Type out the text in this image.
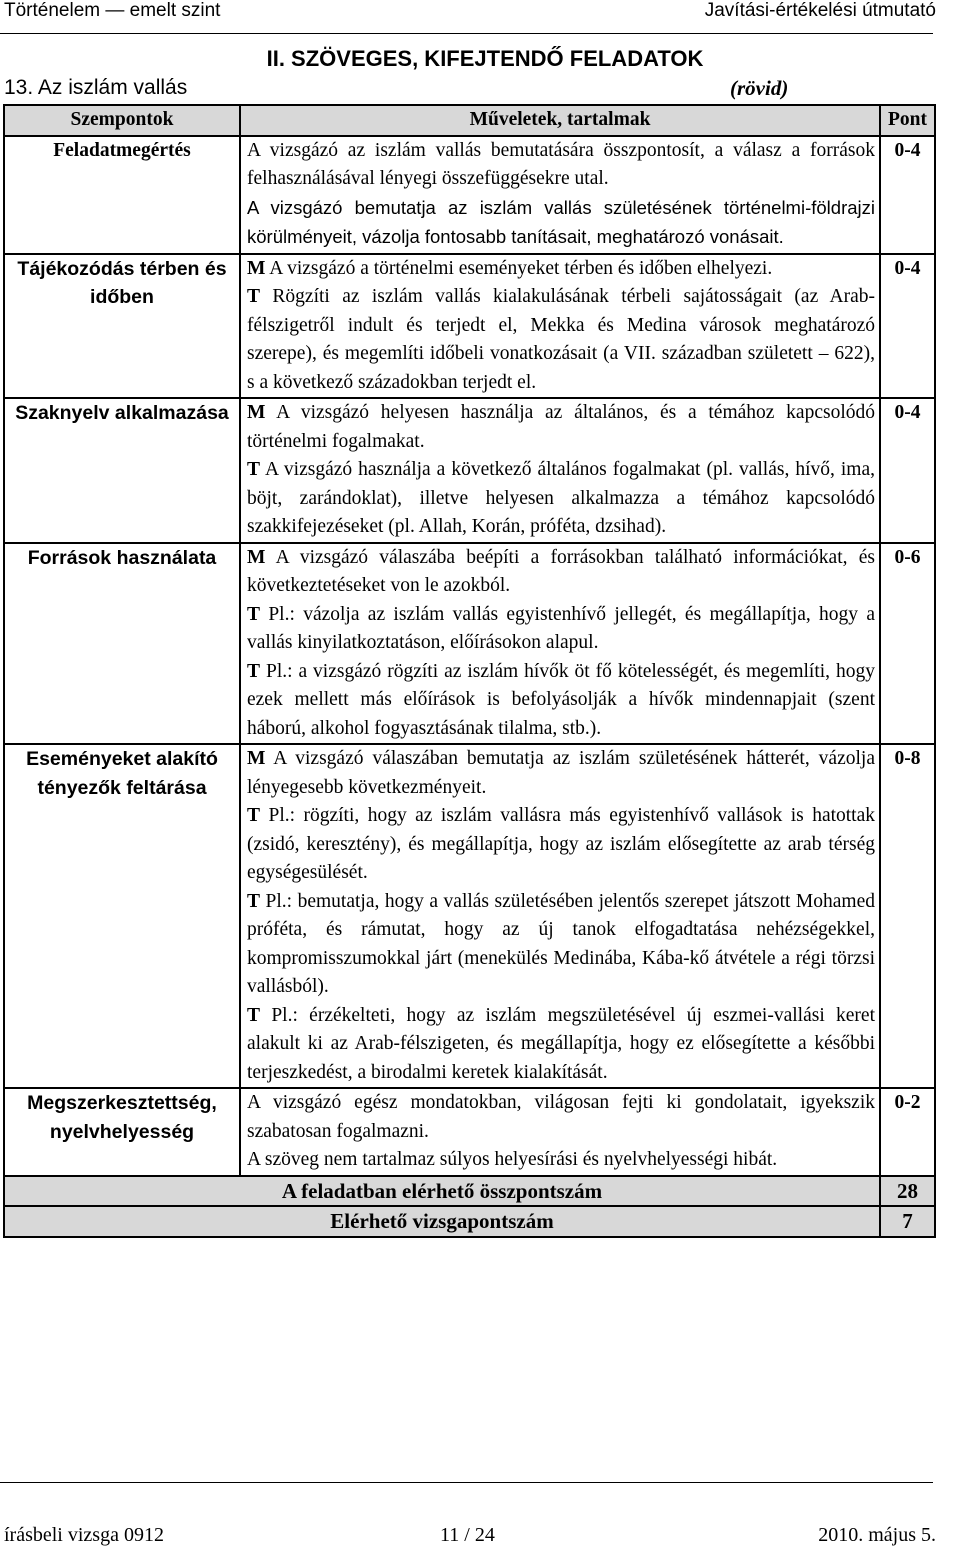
Történelem — emelt szint	Javítási-értékelési útmutató
II. SZÖVEGES, KIFEJTENDŐ FELADATOK
13. Az iszlám vallás	(rövid)
Szempontok	Műveletek, tartalmak	Pont
Feladatmegértés	A vizsgázó az iszlám vallás bemutatására összpontosít, a válasz a források felhasználásával lényegi összefüggésekre utal.

A vizsgázó bemutatja az iszlám vallás születésének történelmi-földrajzi körülményeit, vázolja fontosabb tanításait, meghatározó vonásait.	0-4
Tájékozódás térben és időben	M A vizsgázó a történelmi eseményeket térben és időben elhelyezi.

T Rögzíti az iszlám vallás kialakulásának térbeli sajátosságait (az Arab-félszigetről indult és terjedt el, Mekka és Medina városok meghatározó szerepe), és megemlíti időbeli vonatkozásait (a VII. században született – 622), s a következő századokban terjedt el.	0-4
Szaknyelv alkalmazása	M A vizsgázó helyesen használja az általános, és a témához kapcsolódó történelmi fogalmakat.

T A vizsgázó használja a következő általános fogalmakat (pl. vallás, hívő, ima, böjt, zarándoklat), illetve helyesen alkalmazza a témához kapcsolódó szakkifejezéseket (pl. Allah, Korán, próféta, dzsihad).	0-4
Források használata	M A vizsgázó válaszába beépíti a forrásokban található információkat, és következtetéseket von le azokból.

T Pl.: vázolja az iszlám vallás egyistenhívő jellegét, és megállapítja, hogy a vallás kinyilatkoztatáson, előírásokon alapul.

T Pl.: a vizsgázó rögzíti az iszlám hívők öt fő kötelességét, és megemlíti, hogy ezek mellett más előírások is befolyásolják a hívők mindennapjait (szent háború, alkohol fogyasztásának tilalma, stb.).	0-6
Eseményeket alakító tényezők feltárása	M A vizsgázó válaszában bemutatja az iszlám születésének hátterét, vázolja lényegesebb következményeit.

T Pl.: rögzíti, hogy az iszlám vallásra más egyistenhívő vallások is hatottak (zsidó, keresztény), és megállapítja, hogy az iszlám elősegítette az arab térség egységesülését.

T Pl.: bemutatja, hogy a vallás születésében jelentős szerepet játszott Mohamed próféta, és rámutat, hogy az új tanok elfogadtatása nehézségekkel, kompromisszumokkal járt (menekülés Medinába, Kába-kő átvétele a régi törzsi vallásból).

T Pl.: érzékelteti, hogy az iszlám megszületésével új eszmei-vallási keret alakult ki az Arab-félszigeten, és megállapítja, hogy ez elősegítette a későbbi terjeszkedést, a birodalmi keretek kialakítását.	0-8
Megszerkesztettség, nyelvhelyesség	A vizsgázó egész mondatokban, világosan fejti ki gondolatait, igyekszik szabatosan fogalmazni.

A szöveg nem tartalmaz súlyos helyesírási és nyelvhelyességi hibát.	0-2
A feladatban elérhető összpontszám		28
Elérhető vizsgapontszám		7
írásbeli vizsga 0912	11 / 24	2010. május 5.
